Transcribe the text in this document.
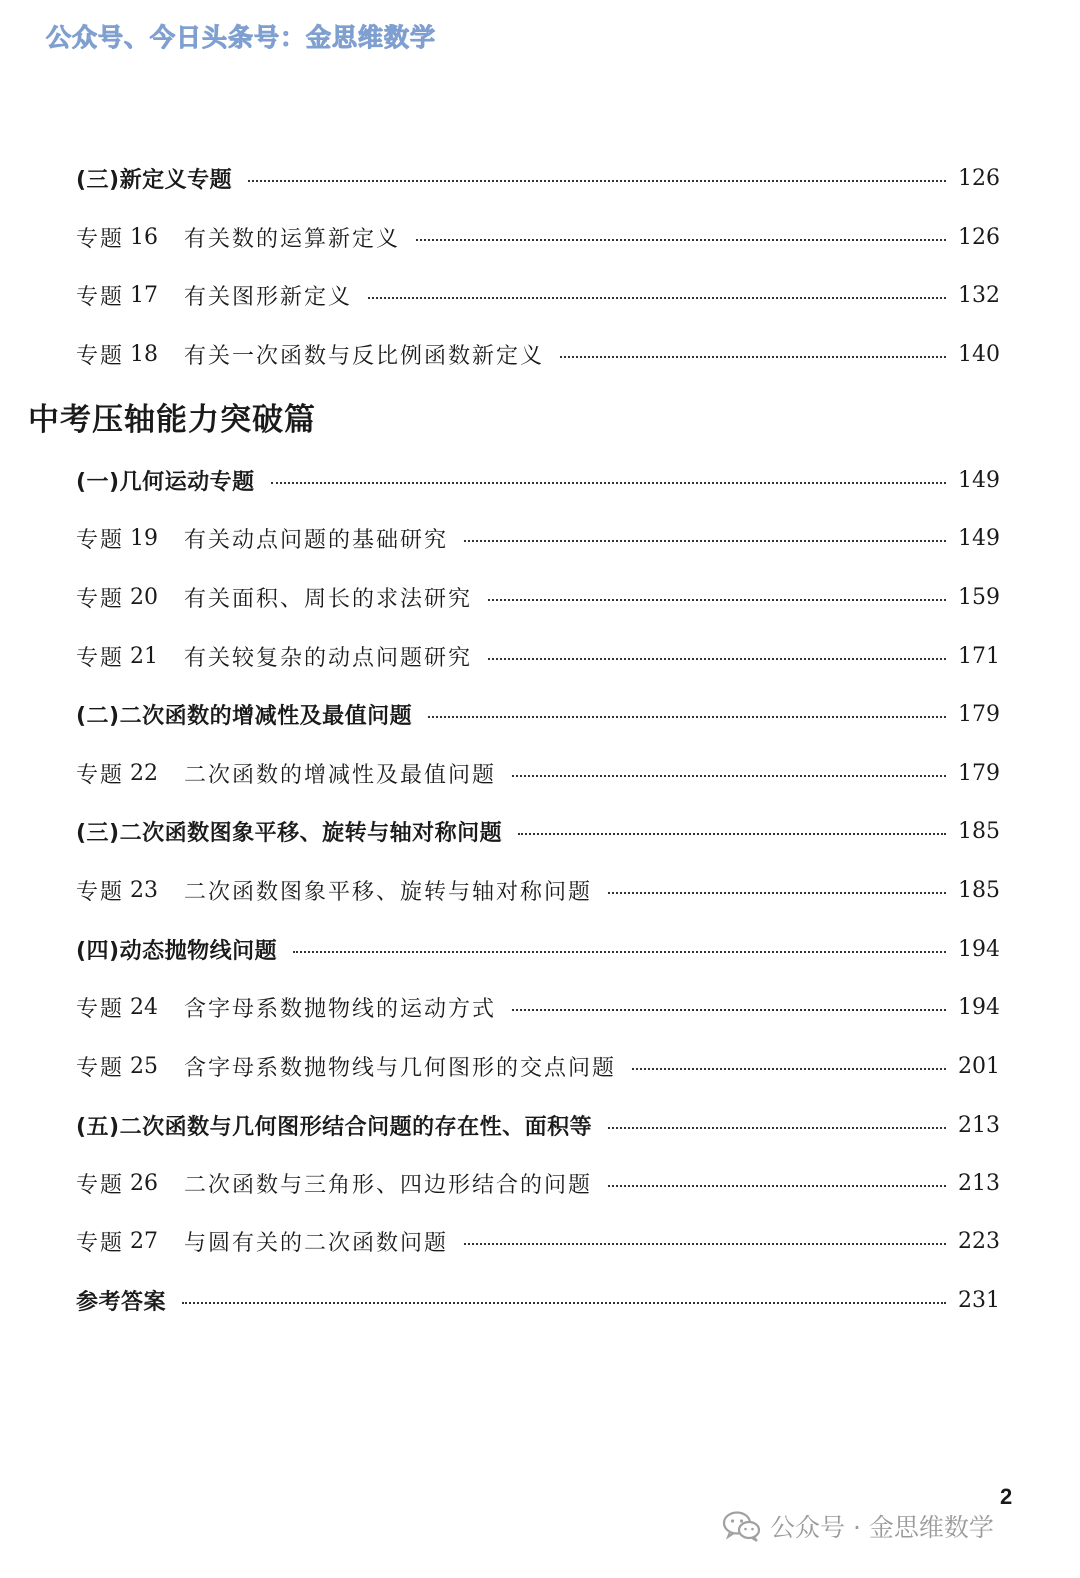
公众号、今日头条号：金思维数学
(三)新定义专题	126
专题 16 有关数的运算新定义	126
专题 17 有关图形新定义	132
专题 18 有关一次函数与反比例函数新定义	140
中考压轴能力突破篇
(一)几何运动专题	149
专题 19 有关动点问题的基础研究	149
专题 20 有关面积、周长的求法研究	159
专题 21 有关较复杂的动点问题研究	171
(二)二次函数的增减性及最值问题	179
专题 22 二次函数的增减性及最值问题	179
(三)二次函数图象平移、旋转与轴对称问题	185
专题 23 二次函数图象平移、旋转与轴对称问题	185
(四)动态抛物线问题	194
专题 24 含字母系数抛物线的运动方式	194
专题 25 含字母系数抛物线与几何图形的交点问题	201
(五)二次函数与几何图形结合问题的存在性、面积等	213
专题 26 二次函数与三角形、四边形结合的问题	213
专题 27 与圆有关的二次函数问题	223
参考答案	231
2
公众号 · 金思维数学
